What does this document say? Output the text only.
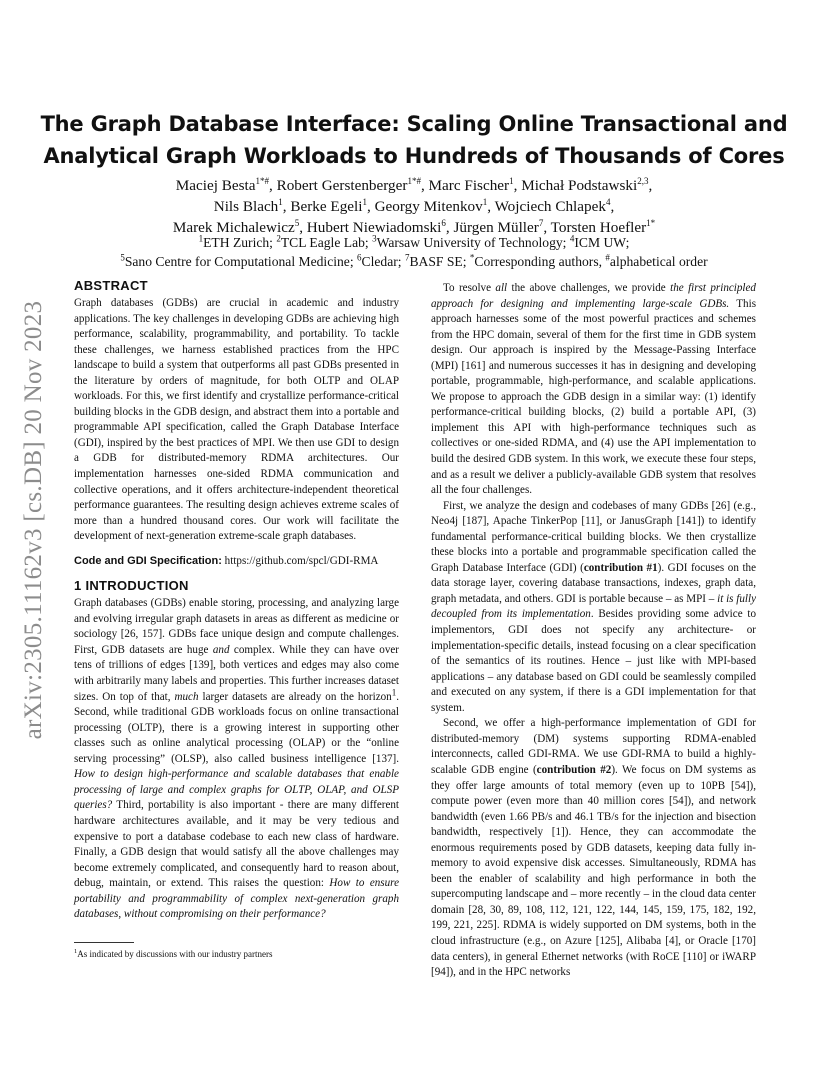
The Graph Database Interface: Scaling Online Transactional and Analytical Graph Workloads to Hundreds of Thousands of Cores
Maciej Besta$^{1*\#}$, Robert Gerstenberger$^{1*\#}$, Marc Fischer$^1$, Michał Podstawski$^{2,3}$,
Nils Blach$^1$, Berke Egeli$^1$, Georgy Mitenkov$^1$, Wojciech Chlapek$^4$,
Marek Michalewicz$^5$, Hubert Niewiadomski$^6$, Jürgen Müller$^7$, Torsten Hoefler$^{1*}$
$^1$ETH Zurich; $^2$TCL Eagle Lab; $^3$Warsaw University of Technology; $^4$ICM UW;
$^5$Sano Centre for Computational Medicine; $^6$Cledar; $^7$BASF SE; *Corresponding authors, #alphabetical order
arXiv:2305.11162v3 [cs.DB] 20 Nov 2023
ABSTRACT

Graph databases (GDBs) are crucial in academic and industry applications. The key challenges in developing GDBs are achieving high performance, scalability, programmability, and portability. To tackle these challenges, we harness established practices from the HPC landscape to build a system that outperforms all past GDBs presented in the literature by orders of magnitude, for both OLTP and OLAP workloads. For this, we first identify and crystallize performance-critical building blocks in the GDB design, and abstract them into a portable and programmable API specification, called the Graph Database Interface (GDI), inspired by the best practices of MPI. We then use GDI to design a GDB for distributed-memory RDMA architectures. Our implementation harnesses one-sided RDMA communication and collective operations, and it offers architecture-independent theoretical performance guarantees. The resulting design achieves extreme scales of more than a hundred thousand cores. Our work will facilitate the development of next-generation extreme-scale graph databases.

Code and GDI Specification: https://github.com/spcl/GDI-RMA

1 INTRODUCTION

Graph databases (GDBs) enable storing, processing, and analyzing large and evolving irregular graph datasets in areas as different as medicine or sociology [26, 157]. GDBs face unique design and compute challenges. First, GDB datasets are huge and complex. While they can have over tens of trillions of edges [139], both vertices and edges may also come with arbitrarily many labels and properties. This further increases dataset sizes. On top of that, much larger datasets are already on the horizon$^1$. Second, while traditional GDB workloads focus on online transactional processing (OLTP), there is a growing interest in supporting other classes such as online analytical processing (OLAP) or the “online serving processing” (OLSP), also called business intelligence [137]. How to design high-performance and scalable databases that enable processing of large and complex graphs for OLTP, OLAP, and OLSP queries? Third, portability is also important - there are many different hardware architectures available, and it may be very tedious and expensive to port a database codebase to each new class of hardware. Finally, a GDB design that would satisfy all the above challenges may become extremely complicated, and consequently hard to reason about, debug, maintain, or extend. This raises the question: How to ensure portability and programmability of complex next-generation graph databases, without compromising on their performance?

To resolve all the above challenges, we provide the first principled approach for designing and implementing large-scale GDBs. This approach harnesses some of the most powerful practices and schemes from the HPC domain, several of them for the first time in GDB system design. Our approach is inspired by the Message-Passing Interface (MPI) [161] and numerous successes it has in designing and developing portable, programmable, high-performance, and scalable applications. We propose to approach the GDB design in a similar way: (1) identify performance-critical building blocks, (2) build a portable API, (3) implement this API with high-performance techniques such as collectives or one-sided RDMA, and (4) use the API implementation to build the desired GDB system. In this work, we execute these four steps, and as a result we deliver a publicly-available GDB system that resolves all the four challenges.

First, we analyze the design and codebases of many GDBs [26] (e.g., Neo4j [187], Apache TinkerPop [11], or JanusGraph [141]) to identify fundamental performance-critical building blocks. We then crystallize these blocks into a portable and programmable specification called the Graph Database Interface (GDI) (contribution #1). GDI focuses on the data storage layer, covering database transactions, indexes, graph data, graph metadata, and others. GDI is portable because – as MPI – it is fully decoupled from its implementation. Besides providing some advice to implementors, GDI does not specify any architecture- or implementation-specific details, instead focusing on a clear specification of the semantics of its routines. Hence – just like with MPI-based applications – any database based on GDI could be seamlessly compiled and executed on any system, if there is a GDI implementation for that system.

Second, we offer a high-performance implementation of GDI for distributed-memory (DM) systems supporting RDMA-enabled interconnects, called GDI-RMA. We use GDI-RMA to build a highly-scalable GDB engine (contribution #2). We focus on DM systems as they offer large amounts of total memory (even up to 10PB [54]), compute power (even more than 40 million cores [54]), and network bandwidth (even 1.66 PB/s and 46.1 TB/s for the injection and bisection bandwidth, respectively [1]). Hence, they can accommodate the enormous requirements posed by GDB datasets, keeping data fully in-memory to avoid expensive disk accesses. Simultaneously, RDMA has been the enabler of scalability and high performance in both the supercomputing landscape and – more recently – in the cloud data center domain [28, 30, 89, 108, 112, 121, 122, 144, 145, 159, 175, 182, 192, 199, 221, 225]. RDMA is widely supported on DM systems, both in the cloud infrastructure (e.g., on Azure [125], Alibaba [4], or Oracle [170] data centers), in general Ethernet networks (with RoCE [110] or iWARP [94]), and in the HPC networks

$^1$As indicated by discussions with our industry partners
